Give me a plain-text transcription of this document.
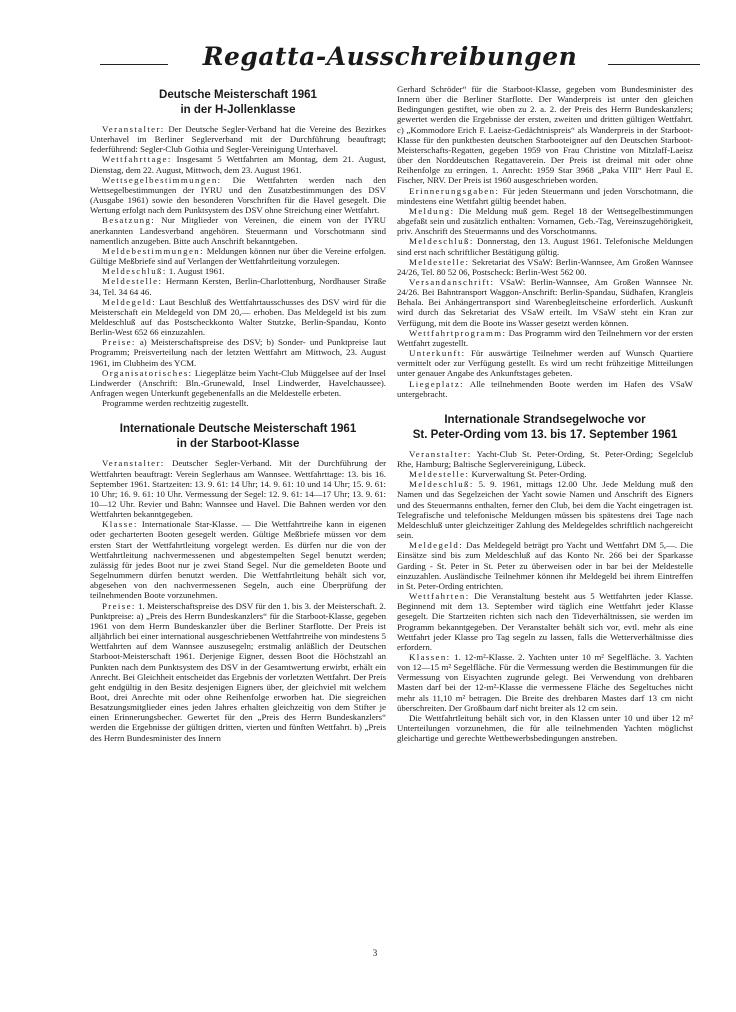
Regatta-Ausschreibungen
Deutsche Meisterschaft 1961
in der H-Jollenklasse

Veranstalter: Der Deutsche Segler-Verband hat die Vereine des Bezirkes Unterhavel im Berliner Seglerverband mit der Durchführung beauftragt; federführend: Segler-Club Gothia und Segler-Vereinigung Unterhavel.

Wettfahrttage: Insgesamt 5 Wettfahrten am Montag, dem 21. August, Dienstag, dem 22. August, Mittwoch, dem 23. August 1961.

Wettsegelbestimmungen: Die Wettfahrten werden nach den Wettsegelbestimmungen der IYRU und den Zusatzbestimmungen des DSV (Ausgabe 1961) sowie den besonderen Vorschriften für die Havel gesegelt. Die Wertung erfolgt nach dem Punktsystem des DSV ohne Streichung einer Wettfahrt.

Besatzung: Nur Mitglieder von Vereinen, die einem von der IYRU anerkannten Landesverband angehören. Steuermann und Vorschotmann sind namentlich anzugeben. Bitte auch Anschrift bekanntgeben.

Meldebestimmungen: Meldungen können nur über die Vereine erfolgen. Gültige Meßbriefe sind auf Verlangen der Wettfahrtleitung vorzulegen.

Meldeschluß: 1. August 1961.

Meldestelle: Hermann Kersten, Berlin-Charlottenburg, Nordhauser Straße 34, Tel. 34 64 46.

Meldegeld: Laut Beschluß des Wettfahrtausschusses des DSV wird für die Meisterschaft ein Meldegeld von DM 20,— erhoben. Das Meldegeld ist bis zum Meldeschluß auf das Postscheckkonto Walter Stutzke, Berlin-Spandau, Konto Berlin-West 652 66 einzuzahlen.

Preise: a) Meisterschaftspreise des DSV; b) Sonder- und Punktpreise laut Programm; Preisverteilung nach der letzten Wettfahrt am Mittwoch, 23. August 1961, im Clubheim des YCM.

Organisatorisches: Liegeplätze beim Yacht-Club Müggelsee auf der Insel Lindwerder (Anschrift: Bln.-Grunewald, Insel Lindwerder, Havelchaussee). Anfragen wegen Unterkunft gegebenenfalls an die Meldestelle erbeten.

Programme werden rechtzeitig zugestellt.

Internationale Deutsche Meisterschaft 1961
in der Starboot-Klasse

Veranstalter: Deutscher Segler-Verband. Mit der Durchführung der Wettfahrten beauftragt: Verein Seglerhaus am Wannsee. Wettfahrttage: 13. bis 16. September 1961. Startzeiten: 13. 9. 61: 14 Uhr; 14. 9. 61: 10 und 14 Uhr; 15. 9. 61: 10 Uhr; 16. 9. 61: 10 Uhr. Vermessung der Segel: 12. 9. 61: 14—17 Uhr; 13. 9. 61: 10—12 Uhr. Revier und Bahn: Wannsee und Havel. Die Bahnen werden vor den Wettfahrten bekanntgegeben.

Klasse: Internationale Star-Klasse. — Die Wettfahrtreihe kann in eigenen oder gecharterten Booten gesegelt werden. Gültige Meßbriefe müssen vor dem ersten Start der Wettfahrtleitung vorgelegt werden. Es dürfen nur die von der Wettfahrtleitung nachvermessenen und abgestempelten Segel benutzt werden; zulässig für jedes Boot nur je zwei Stand Segel. Nur die gemeldeten Boote und Segelnummern dürfen benutzt werden. Die Wettfahrtleitung behält sich vor, abgesehen von den nachvermessenen Segeln, auch eine Überprüfung der teilnehmenden Boote vorzunehmen.

Preise: 1. Meisterschaftspreise des DSV für den 1. bis 3. der Meisterschaft. 2. Punktpreise: a) „Preis des Herrn Bundeskanzlers“ für die Starboot-Klasse, gegeben 1961 von dem Herrn Bundeskanzler über die Berliner Starflotte. Der Preis ist alljährlich bei einer international ausgeschriebenen Wettfahrtreihe von mindestens 5 Wettfahrten auf dem Wannsee auszusegeln; erstmalig anläßlich der Deutschen Starboot-Meisterschaft 1961. Derjenige Eigner, dessen Boot die Höchstzahl an Punkten nach dem Punktsystem des DSV in der Gesamtwertung erwirbt, erhält ein Anrecht. Bei Gleichheit entscheidet das Ergebnis der vorletzten Wettfahrt. Der Preis geht endgültig in den Besitz desjenigen Eigners über, der gleichviel mit welchem Boot, drei Anrechte mit oder ohne Reihenfolge erworben hat. Die siegreichen Besatzungsmitglieder eines jeden Jahres erhalten gleichzeitig von dem Stifter je einen Erinnerungsbecher. Gewertet für den „Preis des Herrn Bundeskanzlers“ werden die Ergebnisse der gültigen dritten, vierten und fünften Wettfahrt. b) „Preis des Herrn Bundesminister des Innern

Gerhard Schröder“ für die Starboot-Klasse, gegeben vom Bundesminister des Innern über die Berliner Starflotte. Der Wanderpreis ist unter den gleichen Bedingungen gestiftet, wie oben zu 2. a. 2. der Preis des Herrn Bundeskanzlers; gewertet werden die Ergebnisse der ersten, zweiten und dritten gültigen Wettfahrt. c) „Kommodore Erich F. Laeisz-Gedächtnispreis“ als Wanderpreis in der Starboot-Klasse für den punktbesten deutschen Starbooteigner auf den Deutschen Starboot-Meisterschafts-Regatten, gegeben 1959 von Frau Christine von Mitzlaff-Laeisz über den Norddeutschen Regattaverein. Der Preis ist dreimal mit oder ohne Reihenfolge zu erringen. 1. Anrecht: 1959 Star 3968 „Paka VIII“ Herr Paul E. Fischer, NRV. Der Preis ist 1960 ausgeschrieben worden.

Erinnerungsgaben: Für jeden Steuermann und jeden Vorschotmann, die mindestens eine Wettfahrt gültig beendet haben.

Meldung: Die Meldung muß gem. Regel 18 der Wettsegelbestimmungen abgefaßt sein und zusätzlich enthalten: Vornamen, Geb.-Tag, Vereinszugehörigkeit, priv. Anschrift des Steuermanns und des Vorschotmanns.

Meldeschluß: Donnerstag, den 13. August 1961. Telefonische Meldungen sind erst nach schriftlicher Bestätigung gültig.

Meldestelle: Sekretariat des VSaW: Berlin-Wannsee, Am Großen Wannsee 24/26, Tel. 80 52 06, Postscheck: Berlin-West 562 00.

Versandanschrift: VSaW: Berlin-Wannsee, Am Großen Wannsee Nr. 24/26. Bei Bahntransport Waggon-Anschrift: Berlin-Spandau, Südhafen, Krangleis Behala. Bei Anhängertransport sind Warenbegleitscheine erforderlich. Auskunft wird durch das Sekretariat des VSaW erteilt. Im VSaW steht ein Kran zur Verfügung, mit dem die Boote ins Wasser gesetzt werden können.

Wettfahrtprogramm: Das Programm wird den Teilnehmern vor der ersten Wettfahrt zugestellt.

Unterkunft: Für auswärtige Teilnehmer werden auf Wunsch Quartiere vermittelt oder zur Verfügung gestellt. Es wird um recht frühzeitige Mitteilungen unter genauer Angabe des Ankunftstages gebeten.

Liegeplatz: Alle teilnehmenden Boote werden im Hafen des VSaW untergebracht.

Internationale Strandsegelwoche vor
St. Peter-Ording vom 13. bis 17. September 1961

Veranstalter: Yacht-Club St. Peter-Ording, St. Peter-Ording; Segelclub Rhe, Hamburg; Baltische Seglervereinigung, Lübeck.

Meldestelle: Kurverwaltung St. Peter-Ording.

Meldeschluß: 5. 9. 1961, mittags 12.00 Uhr. Jede Meldung muß den Namen und das Segelzeichen der Yacht sowie Namen und Anschrift des Eigners und des Steuermanns enthalten, ferner den Club, bei dem die Yacht eingetragen ist. Telegrafische und telefonische Meldungen müssen bis spätestens drei Tage nach Meldeschluß unter gleichzeitiger Zahlung des Meldegeldes schriftlich nachgereicht sein.

Meldegeld: Das Meldegeld beträgt pro Yacht und Wettfahrt DM 5,—. Die Einsätze sind bis zum Meldeschluß auf das Konto Nr. 266 bei der Sparkasse Garding - St. Peter in St. Peter zu überweisen oder in bar bei der Meldestelle einzuzahlen. Ausländische Teilnehmer können ihr Meldegeld bei ihrem Eintreffen in St. Peter-Ording entrichten.

Wettfahrten: Die Veranstaltung besteht aus 5 Wettfahrten jeder Klasse. Beginnend mit dem 13. September wird täglich eine Wettfahrt jeder Klasse gesegelt. Die Startzeiten richten sich nach den Tideverhältnissen, sie werden im Programm bekanntgegeben. Der Veranstalter behält sich vor, evtl. mehr als eine Wettfahrt jeder Klasse pro Tag segeln zu lassen, falls die Wetterverhältnisse dies erfordern.

Klassen: 1. 12-m²-Klasse. 2. Yachten unter 10 m² Segelfläche. 3. Yachten von 12—15 m² Segelfläche. Für die Vermessung werden die Bestimmungen für die Vermessung von Eisyachten zugrunde gelegt. Bei Verwendung von drehbaren Masten darf bei der 12-m²-Klasse die vermessene Fläche des Segeltuches nicht mehr als 11,10 m² betragen. Die Breite des drehbaren Mastes darf 13 cm nicht überschreiten. Der Großbaum darf nicht breiter als 12 cm sein.

Die Wettfahrtleitung behält sich vor, in den Klassen unter 10 und über 12 m² Unterteilungen vorzunehmen, die für alle teilnehmenden Yachten möglichst gleichartige und gerechte Wettbewerbsbedingungen anstreben.

3
